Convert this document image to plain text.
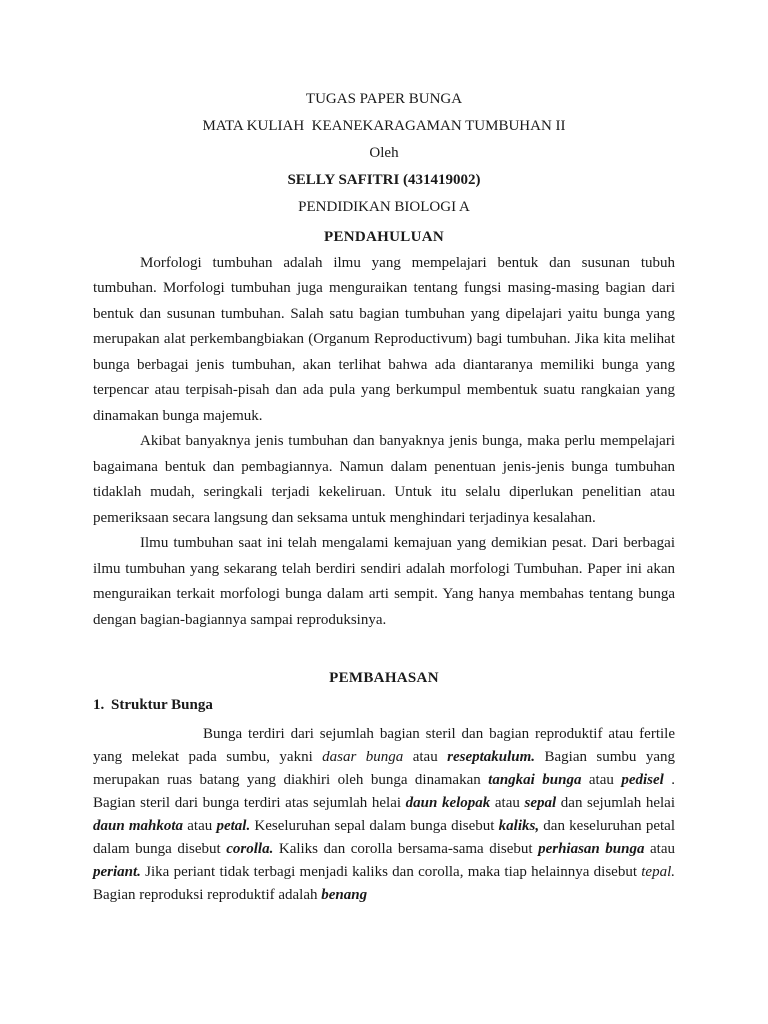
TUGAS PAPER BUNGA
MATA KULIAH  KEANEKARAGAMAN TUMBUHAN II
Oleh
SELLY SAFITRI (431419002)
PENDIDIKAN BIOLOGI A
PENDAHULUAN

Morfologi tumbuhan adalah ilmu yang mempelajari bentuk dan susunan tubuh tumbuhan. Morfologi tumbuhan juga menguraikan tentang fungsi masing-masing bagian dari bentuk dan susunan tumbuhan. Salah satu bagian tumbuhan yang dipelajari yaitu bunga yang merupakan alat perkembangbiakan (Organum Reproductivum) bagi tumbuhan. Jika kita melihat bunga berbagai jenis tumbuhan, akan terlihat bahwa ada diantaranya memiliki bunga yang terpencar atau terpisah-pisah dan ada pula yang berkumpul membentuk suatu rangkaian yang dinamakan bunga majemuk.

Akibat banyaknya jenis tumbuhan dan banyaknya jenis bunga, maka perlu mempelajari bagaimana bentuk dan pembagiannya. Namun dalam penentuan jenis-jenis bunga tumbuhan tidaklah mudah, seringkali terjadi kekeliruan. Untuk itu selalu diperlukan penelitian atau pemeriksaan secara langsung dan seksama untuk menghindari terjadinya kesalahan.

Ilmu tumbuhan saat ini telah mengalami kemajuan yang demikian pesat. Dari berbagai ilmu tumbuhan yang sekarang telah berdiri sendiri adalah morfologi Tumbuhan. Paper ini akan menguraikan terkait morfologi bunga dalam arti sempit. Yang hanya membahas tentang bunga dengan bagian-bagiannya sampai reproduksinya.

PEMBAHASAN
1. Struktur Bunga

Bunga terdiri dari sejumlah bagian steril dan bagian reproduktif atau fertile yang melekat pada sumbu, yakni dasar bunga atau reseptakulum. Bagian sumbu yang merupakan ruas batang yang diakhiri oleh bunga dinamakan tangkai bunga atau pedisel . Bagian steril dari bunga terdiri atas sejumlah helai daun kelopak atau sepal dan sejumlah helai daun mahkota atau petal. Keseluruhan sepal dalam bunga disebut kaliks, dan keseluruhan petal dalam bunga disebut corolla. Kaliks dan corolla bersama-sama disebut perhiasan bunga atau periant. Jika periant tidak terbagi menjadi kaliks dan corolla, maka tiap helainnya disebut tepal. Bagian reproduksi reproduktif adalah benang
